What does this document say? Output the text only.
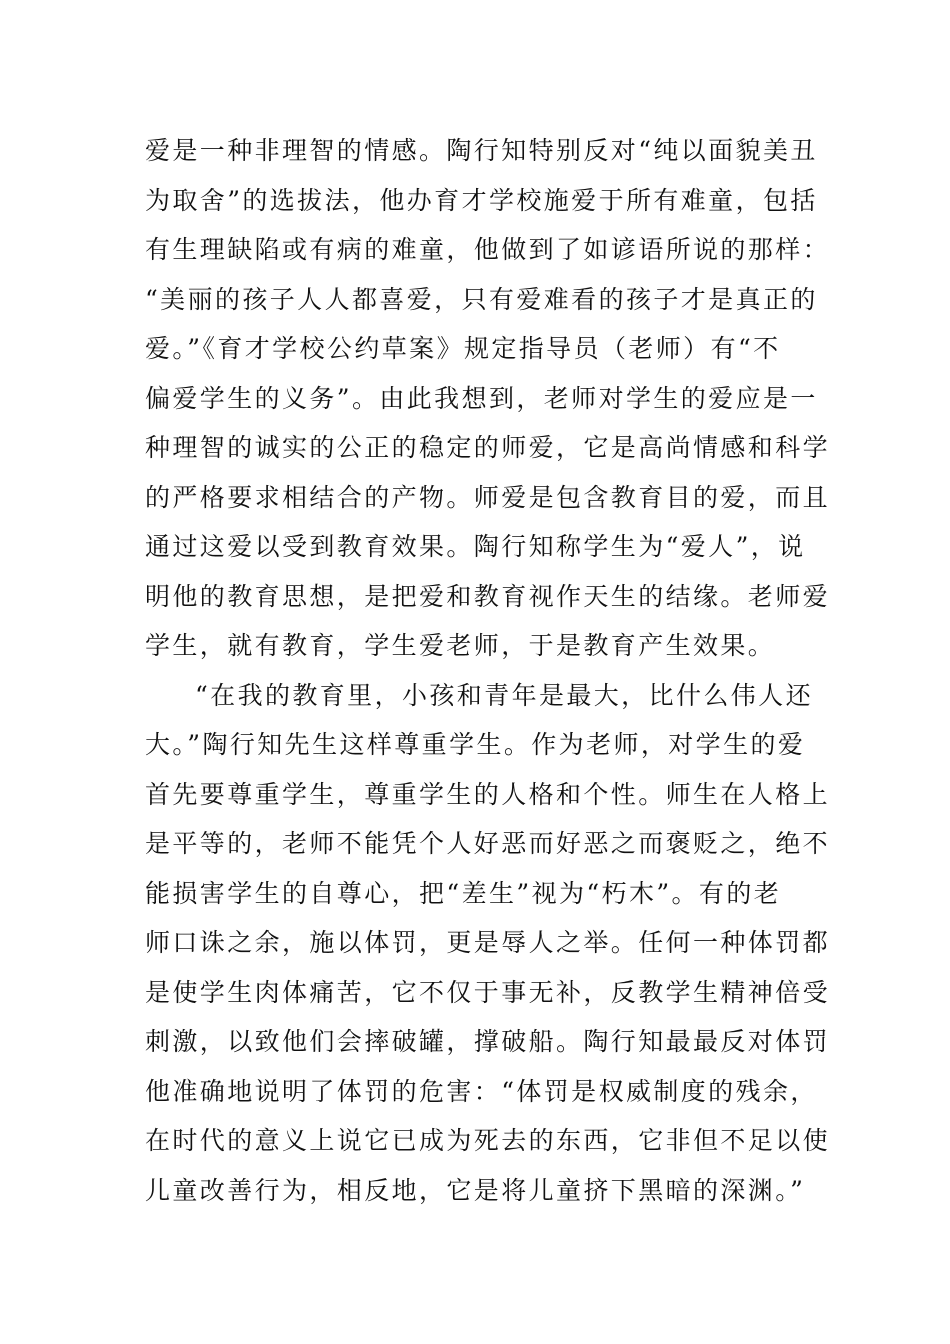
爱是一种非理智的情感。陶行知特别反对“纯以面貌美丑

为取舍”的选拔法，他办育才学校施爱于所有难童，包括

有生理缺陷或有病的难童，他做到了如谚语所说的那样：

“美丽的孩子人人都喜爱，只有爱难看的孩子才是真正的

爱。”《育才学校公约草案》规定指导员（老师）有“不

偏爱学生的义务”。由此我想到，老师对学生的爱应是一

种理智的诚实的公正的稳定的师爱，它是高尚情感和科学

的严格要求相结合的产物。师爱是包含教育目的爱，而且

通过这爱以受到教育效果。陶行知称学生为“爱人”，说

明他的教育思想，是把爱和教育视作天生的结缘。老师爱

学生，就有教育，学生爱老师，于是教育产生效果。

“在我的教育里，小孩和青年是最大，比什么伟人还

大。”陶行知先生这样尊重学生。作为老师，对学生的爱

首先要尊重学生，尊重学生的人格和个性。师生在人格上

是平等的，老师不能凭个人好恶而好恶之而褒贬之，绝不

能损害学生的自尊心，把“差生”视为“朽木”。有的老

师口诛之余，施以体罚，更是辱人之举。任何一种体罚都

是使学生肉体痛苦，它不仅于事无补，反教学生精神倍受

刺激，以致他们会摔破罐，撑破船。陶行知最最反对体罚

他准确地说明了体罚的危害：“体罚是权威制度的残余，

在时代的意义上说它已成为死去的东西，它非但不足以使

儿童改善行为，相反地，它是将儿童挤下黑暗的深渊。”
